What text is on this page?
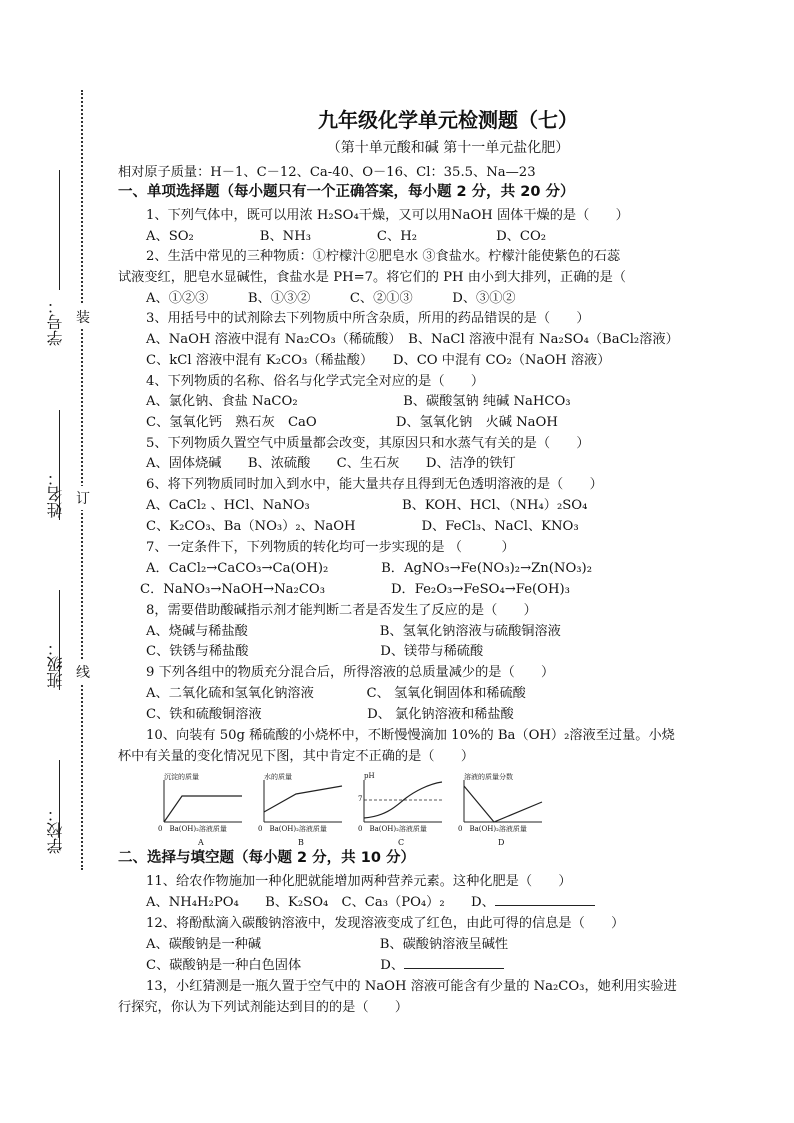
学号：
姓名：
班级：
学校：
装
订
线
九年级化学单元检测题（七）
（第十单元酸和碱 第十一单元盐化肥）
相对原子质量：H－1、C－12、Ca-40、O－16、Cl：35.5、Na—23
一、单项选择题（每小题只有一个正确答案，每小题 2 分，共 20 分）
1、下列气体中，既可以用浓 H₂SO₄干燥，又可以用NaOH 固体干燥的是（　　）
A、SO₂　　　　　B、NH₃　　　　　C、H₂　　　　　　D、CO₂
2、生活中常见的三种物质：①柠檬汁②肥皂水 ③食盐水。柠檬汁能使紫色的石蕊
试液变红，肥皂水显碱性，食盐水是 PH=7。将它们的 PH 由小到大排列，正确的是（
A、①②③　　　B、①③②　　　C、②①③　　　D、③①②
3、用括号中的试剂除去下列物质中所含杂质，所用的药品错误的是（　　）
A、NaOH 溶液中混有 Na₂CO₃（稀硫酸）　B、NaCl 溶液中混有 Na₂SO₄（BaCl₂溶液）
C、kCl 溶液中混有 K₂CO₃（稀盐酸）　　D、CO 中混有 CO₂（NaOH 溶液）
4、下列物质的名称、俗名与化学式完全对应的是（　　）
A、氯化钠、食盐 NaCO₂　　　　　　　　B、碳酸氢钠 纯碱 NaHCO₃
C、氢氧化钙　熟石灰　CaO　　　　　　D、氢氧化钠　火碱 NaOH
5、下列物质久置空气中质量都会改变，其原因只和水蒸气有关的是（　　）
A、固体烧碱　　B、浓硫酸　　C、生石灰　　D、洁净的铁钉
6、将下列物质同时加入到水中，能大量共存且得到无色透明溶液的是（　　）
A、CaCl₂ 、HCl、NaNO₃　　　　　　　B、KOH、HCl、（NH₄）₂SO₄
C、K₂CO₃、Ba（NO₃）₂、NaOH　　　　　D、FeCl₃、NaCl、KNO₃
7、一定条件下，下列物质的转化均可一步实现的是 （　　　）
A．CaCl₂→CaCO₃→Ca(OH)₂　　　　B．AgNO₃→Fe(NO₃)₂→Zn(NO₃)₂
C．NaNO₃→NaOH→Na₂CO₃　　　　　D．Fe₂O₃→FeSO₄→Fe(OH)₃
8，需要借助酸碱指示剂才能判断二者是否发生了反应的是（　　）
A、烧碱与稀盐酸　　　　　　　　　　B、氢氧化钠溶液与硫酸铜溶液
C、铁锈与稀盐酸　　　　　　　　　　D、镁带与稀硫酸
9 下列各组中的物质充分混合后，所得溶液的总质量减少的是（　　）
A、二氧化硫和氢氧化钠溶液　　　　C、 氢氧化铜固体和稀硫酸
C、铁和硫酸铜溶液　　　　　　　　D、 氯化钠溶液和稀盐酸
10、向装有 50g 稀硫酸的小烧杯中，不断慢慢滴加 10%的 Ba（OH）₂溶液至过量。小烧
杯中有关量的变化情况见下图，其中肯定不正确的是（　　）
沉淀的质量
0　Ba(OH)₂溶液质量
A
水的质量
0　Ba(OH)₂溶液质量
B
pH
7
0　Ba(OH)₂溶液质量
C
溶液的质量分数
0　Ba(OH)₂溶液质量
D
二、选择与填空题（每小题 2 分，共 10 分）
11、给农作物施加一种化肥就能增加两种营养元素。这种化肥是（　　）
A、NH₄H₂PO₄　　B、K₂SO₄　C、Ca₃（PO₄）₂　　D、
12、将酚酞滴入碳酸钠溶液中，发现溶液变成了红色，由此可得的信息是（　　）
A、碳酸钠是一种碱　　　　　　　　　B、碳酸钠溶液呈碱性
C、碳酸钠是一种白色固体　　　　　　D、
13，小红猜测是一瓶久置于空气中的 NaOH 溶液可能含有少量的 Na₂CO₃，她利用实验进
行探究，你认为下列试剂能达到目的的是（　　）
